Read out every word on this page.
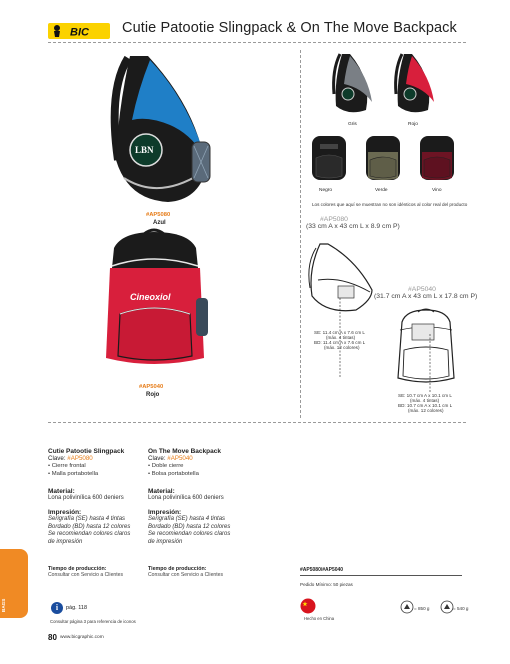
BIC Cutie Patootie Slingpack & On The Move Backpack
LBN
#AP5080
Azul
Cineoxiol
#AP5040
Rojo
Gris	Rojo
Negro	Verde	Vino
Los colores que aquí se muestran no son idénticos al color real del producto
#AP5080
(33 cm A x 43 cm L x 8.9 cm P)
SE: 11.4 cm A x 7.6 cm L
(máx. 4 tintas)
BD: 11.4 cm A x 7.6 cm L
(máx. 12 colores)
#AP5040
(31.7 cm A x 43 cm L x 17.8 cm P)
SE: 10.7 cm A x 10.1 cm L
(máx. 4 tintas)
BD: 10.7 cm A x 10.1 cm L
(máx. 12 colores)
Cutie Patootie Slingpack
Clave: #AP5080
• Cierre frontal
• Malla portabotella
Material:
Lona polivinílica 600 deniers
Impresión:
Serigrafía (SE) hasta 4 tintas
Bordado (BD) hasta 12 colores
Se recomiendan colores claros
de impresión
Tiempo de producción:
Consultar con Servicio a Clientes
On The Move Backpack
Clave: #AP5040
• Doble cierre
• Bolsa portabotella
Material:
Lona polivinílica 600 deniers
Impresión:
Serigrafía (SE) hasta 4 tintas
Bordado (BD) hasta 12 colores
Se recomiendan colores claros
de impresión
Tiempo de producción:
Consultar con Servicio a Clientes
#AP5080/#AP5040
Pedido Mínimo: 50 piezas
Hecho en China
= 850 g	= 540 g
BAGS	i	pág. 118
Consultar página 3 para referencia de iconos
80 www.bicgraphic.com
